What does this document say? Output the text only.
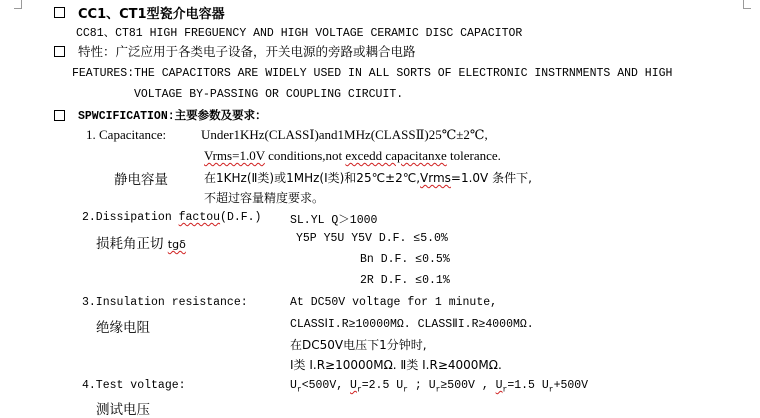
CC1、CT1型瓷介电容器
CC81、CT81 HIGH FREGUENCY AND HIGH VOLTAGE CERAMIC DISC CAPACITOR
特性：广泛应用于各类电子设备，开关电源的旁路或耦合电路
FEATURES:THE CAPACITORS ARE WIDELY USED IN ALL SORTS OF ELECTRONIC INSTRNMENTS AND HIGH
VOLTAGE BY-PASSING OR COUPLING CIRCUIT.
SPWCIFICATION:主要参数及要求：
1. Capacitance:	Under1KHz(CLASSⅠ)and1MHz(CLASSⅡ)25℃±2℃,
Vrms=1.0V conditions,not excedd capacitanxe tolerance.
静电容量	在1KHz(Ⅱ类)或1MHz(Ⅰ类)和25℃±2℃,Vrms=1.0V 条件下,
不超过容量精度要求。
2.Dissipation factou(D.F.) SL.YL Q＞1000
损耗角正切 tgδ	Y5P Y5U Y5V D.F. ≤5.0%
Bn D.F. ≤0.5%
2R D.F. ≤0.1%
3.Insulation resistance:	At DC50V voltage for 1 minute,
绝缘电阻	CLASSⅠI.R≥10000MΩ. CLASSⅡI.R≥4000MΩ.
在DC50V电压下1分钟时,
Ⅰ类 I.R≥10000MΩ. Ⅱ类 I.R≥4000MΩ.
4.Test voltage:	$U_r<500V$, $U_r=2.5$ $U_r$ ; $U_r\ge 500V$ , $U_r=1.5$ $U_r+500V$
测试电压
